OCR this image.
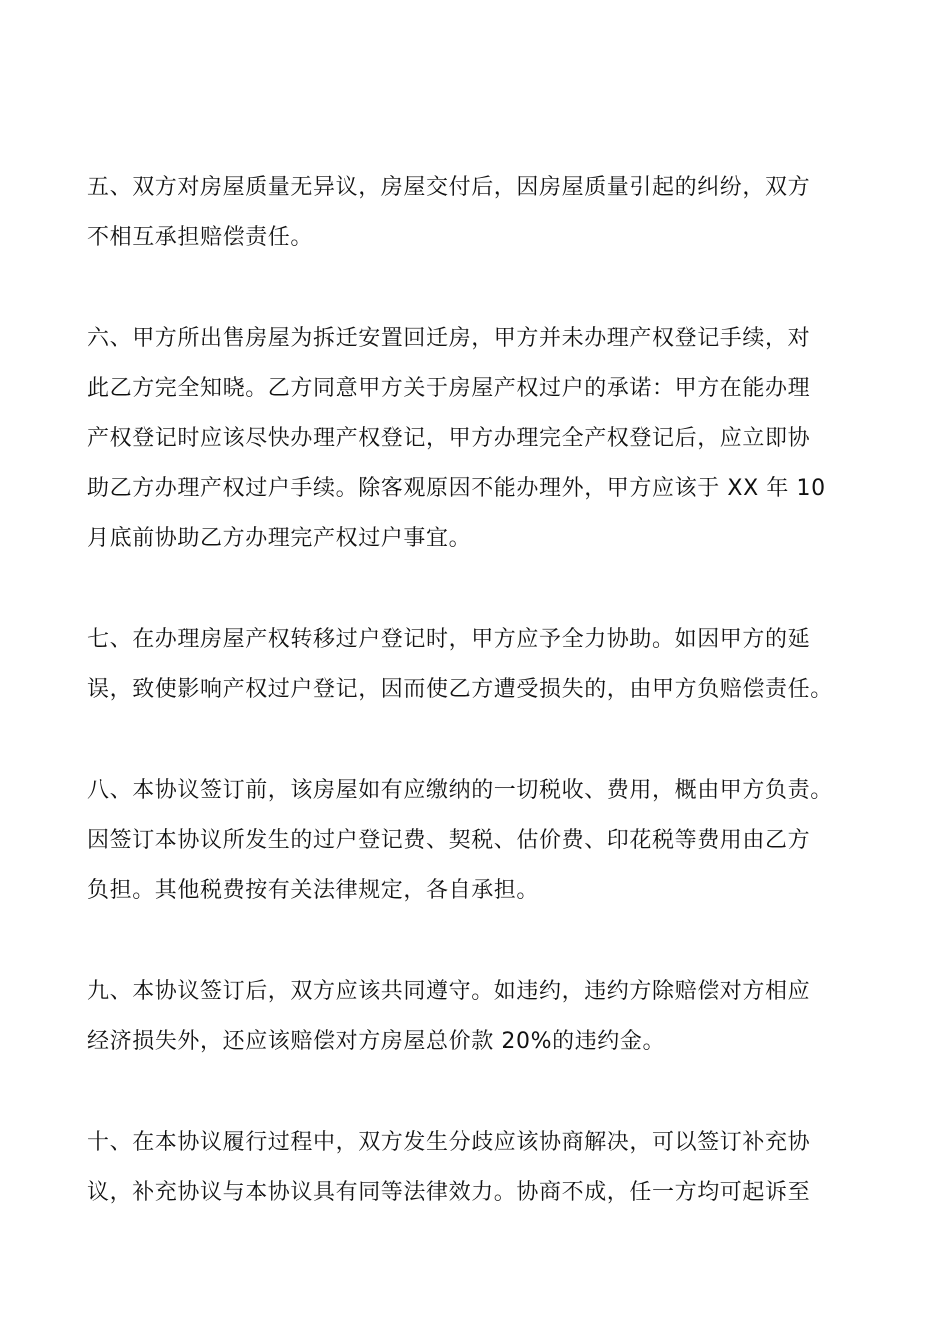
五、双方对房屋质量无异议，房屋交付后，因房屋质量引起的纠纷，双方
不相互承担赔偿责任。

六、甲方所出售房屋为拆迁安置回迁房，甲方并未办理产权登记手续，对
此乙方完全知晓。乙方同意甲方关于房屋产权过户的承诺：甲方在能办理
产权登记时应该尽快办理产权登记，甲方办理完全产权登记后，应立即协
助乙方办理产权过户手续。除客观原因不能办理外，甲方应该于 XX 年 10
月底前协助乙方办理完产权过户事宜。

七、在办理房屋产权转移过户登记时，甲方应予全力协助。如因甲方的延
误，致使影响产权过户登记，因而使乙方遭受损失的，由甲方负赔偿责任。

八、本协议签订前，该房屋如有应缴纳的一切税收、费用，概由甲方负责。
因签订本协议所发生的过户登记费、契税、估价费、印花税等费用由乙方
负担。其他税费按有关法律规定，各自承担。

九、本协议签订后，双方应该共同遵守。如违约，违约方除赔偿对方相应
经济损失外，还应该赔偿对方房屋总价款 20%的违约金。

十、在本协议履行过程中，双方发生分歧应该协商解决，可以签订补充协
议，补充协议与本协议具有同等法律效力。协商不成，任一方均可起诉至
